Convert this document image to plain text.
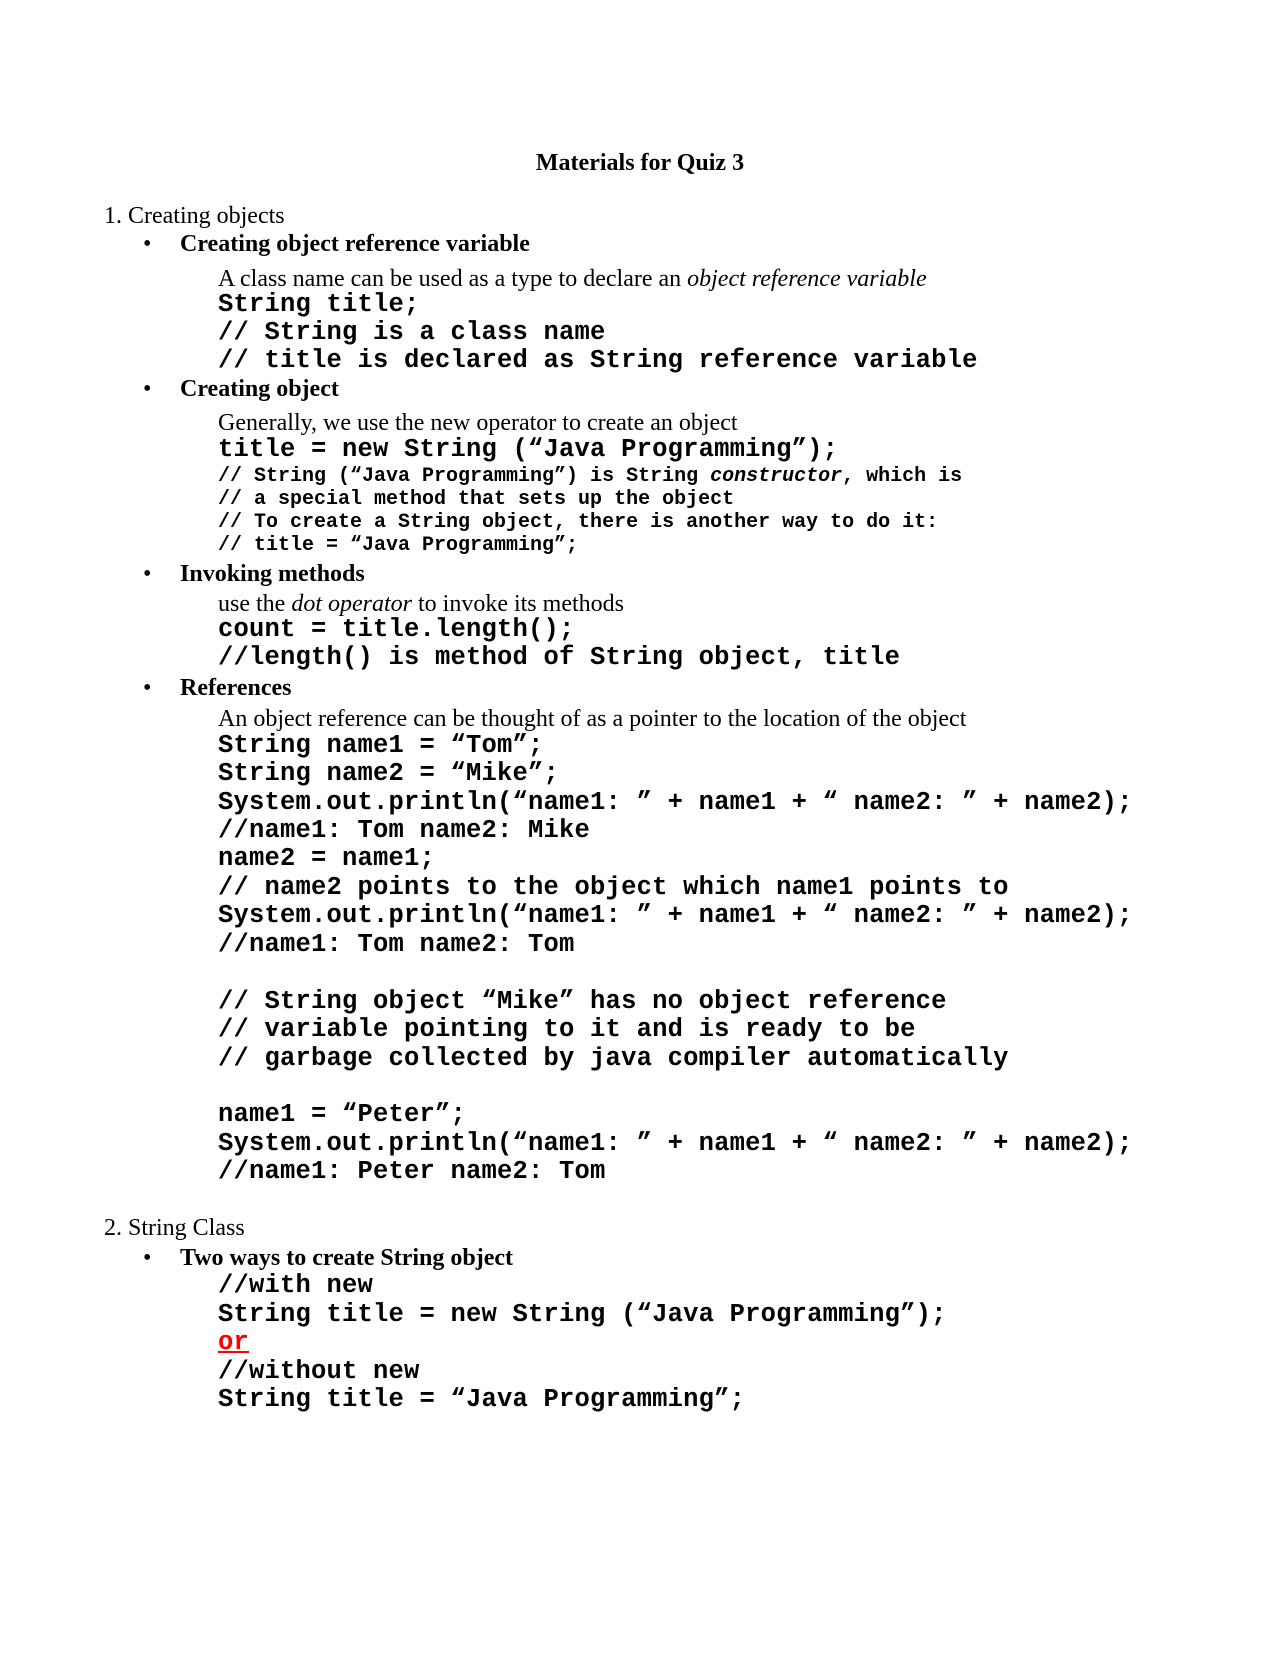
Materials for Quiz 3
1. Creating objects
• Creating object reference variable
A class name can be used as a type to declare an object reference variable
String title;
// String is a class name
// title is declared as String reference variable
• Creating object
Generally, we use the new operator to create an object
title = new String (“Java Programming”);
// String (“Java Programming”) is String constructor, which is
// a special method that sets up the object
// To create a String object, there is another way to do it:
// title = “Java Programming”;
• Invoking methods
use the dot operator to invoke its methods
count = title.length();
//length() is method of String object, title
• References
An object reference can be thought of as a pointer to the location of the object
String name1 = “Tom”;
String name2 = “Mike”;
System.out.println(“name1: ” + name1 + “ name2: ” + name2);
//name1: Tom name2: Mike
name2 = name1;
// name2 points to the object which name1 points to
System.out.println(“name1: ” + name1 + “ name2: ” + name2);
//name1: Tom name2: Tom
// String object “Mike” has no object reference
// variable pointing to it and is ready to be
// garbage collected by java compiler automatically
name1 = “Peter”;
System.out.println(“name1: ” + name1 + “ name2: ” + name2);
//name1: Peter name2: Tom
2. String Class
• Two ways to create String object
//with new
String title = new String (“Java Programming”);
or
//without new
String title = “Java Programming”;
